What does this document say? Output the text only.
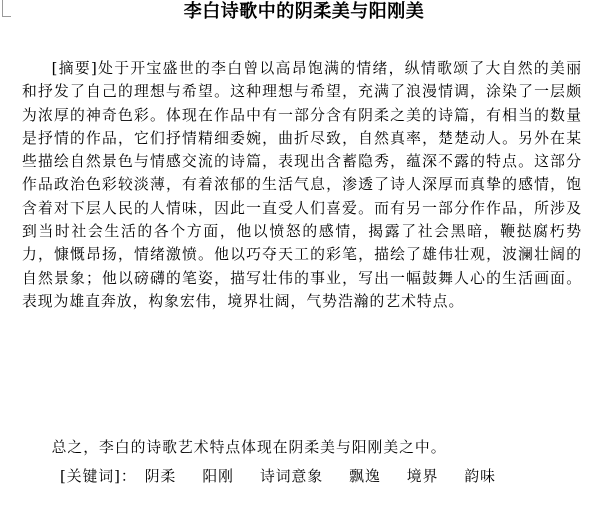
李白诗歌中的阴柔美与阳刚美

[摘要]处于开宝盛世的李白曾以高昂饱满的情绪，纵情歌颂了大自然的美丽和抒发了自己的理想与希望。这种理想与希望，充满了浪漫情调，涂染了一层颇为浓厚的神奇色彩。体现在作品中有一部分含有阴柔之美的诗篇，有相当的数量是抒情的作品，它们抒情精细委婉，曲折尽致，自然真率，楚楚动人。另外在某些描绘自然景色与情感交流的诗篇，表现出含蓄隐秀，蕴深不露的特点。这部分作品政治色彩较淡薄，有着浓郁的生活气息，渗透了诗人深厚而真挚的感情，饱含着对下层人民的人情味，因此一直受人们喜爱。而有另一部分作作品，所涉及到当时社会生活的各个方面，他以愤怒的感情，揭露了社会黑暗，鞭挞腐朽势力，慷慨昂扬，情绪激愤。他以巧夺天工的彩笔，描绘了雄伟壮观，波澜壮阔的自然景象；他以磅礴的笔姿，描写壮伟的事业，写出一幅鼓舞人心的生活画面。表现为雄直奔放，构象宏伟，境界壮阔，气势浩瀚的艺术特点。

总之，李白的诗歌艺术特点体现在阴柔美与阳刚美之中。

[关键词]： 阴柔 阳刚 诗词意象 飘逸 境界 韵味
